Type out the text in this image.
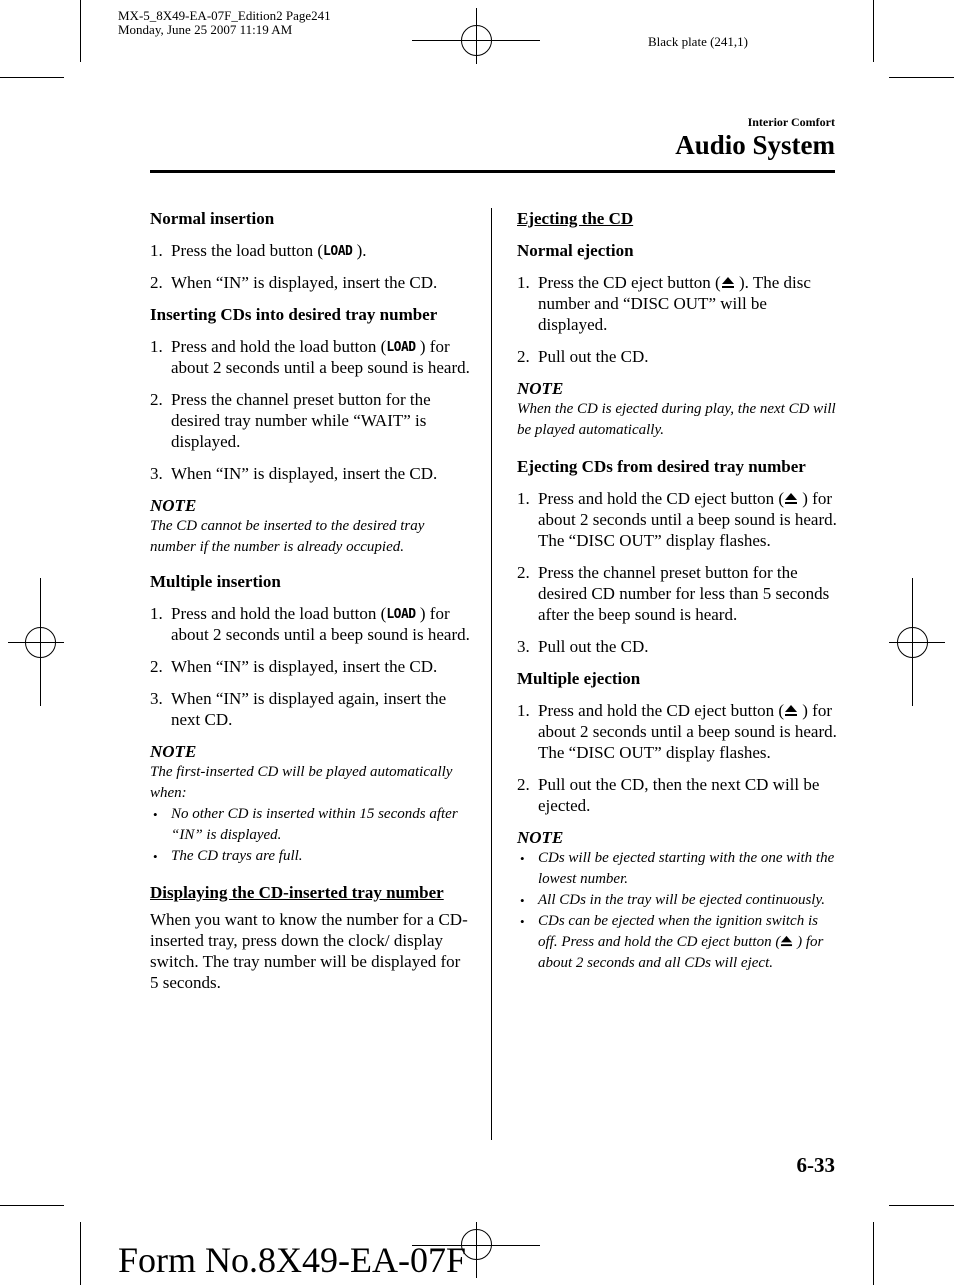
MX-5_8X49-EA-07F_Edition2 Page241
Monday, June 25 2007 11:19 AM
Black plate (241,1)
Interior Comfort
Audio System
Normal insertion
1. Press the load button (LOAD ).
2. When “IN” is displayed, insert the CD.
Inserting CDs into desired tray number
1. Press and hold the load button (LOAD ) for about 2 seconds until a beep sound is heard.
2. Press the channel preset button for the desired tray number while “WAIT” is displayed.
3. When “IN” is displayed, insert the CD.
NOTE
The CD cannot be inserted to the desired tray number if the number is already occupied.
Multiple insertion
1. Press and hold the load button (LOAD ) for about 2 seconds until a beep sound is heard.
2. When “IN” is displayed, insert the CD.
3. When “IN” is displayed again, insert the next CD.
NOTE
The first-inserted CD will be played automatically when:
• No other CD is inserted within 15 seconds after “IN” is displayed.
• The CD trays are full.
Displaying the CD-inserted tray number
When you want to know the number for a CD-inserted tray, press down the clock/ display switch. The tray number will be displayed for 5 seconds.
Ejecting the CD
Normal ejection
1. Press the CD eject button ( ). The disc number and “DISC OUT” will be displayed.
2. Pull out the CD.
NOTE
When the CD is ejected during play, the next CD will be played automatically.
Ejecting CDs from desired tray number
1. Press and hold the CD eject button ( ) for about 2 seconds until a beep sound is heard.
The “DISC OUT” display flashes.
2. Press the channel preset button for the desired CD number for less than 5 seconds after the beep sound is heard.
3. Pull out the CD.
Multiple ejection
1. Press and hold the CD eject button ( ) for about 2 seconds until a beep sound is heard.
The “DISC OUT” display flashes.
2. Pull out the CD, then the next CD will be ejected.
NOTE
• CDs will be ejected starting with the one with the lowest number.
• All CDs in the tray will be ejected continuously.
• CDs can be ejected when the ignition switch is off. Press and hold the CD eject button ( ) for about 2 seconds and all CDs will eject.
6-33
Form No.8X49-EA-07F
